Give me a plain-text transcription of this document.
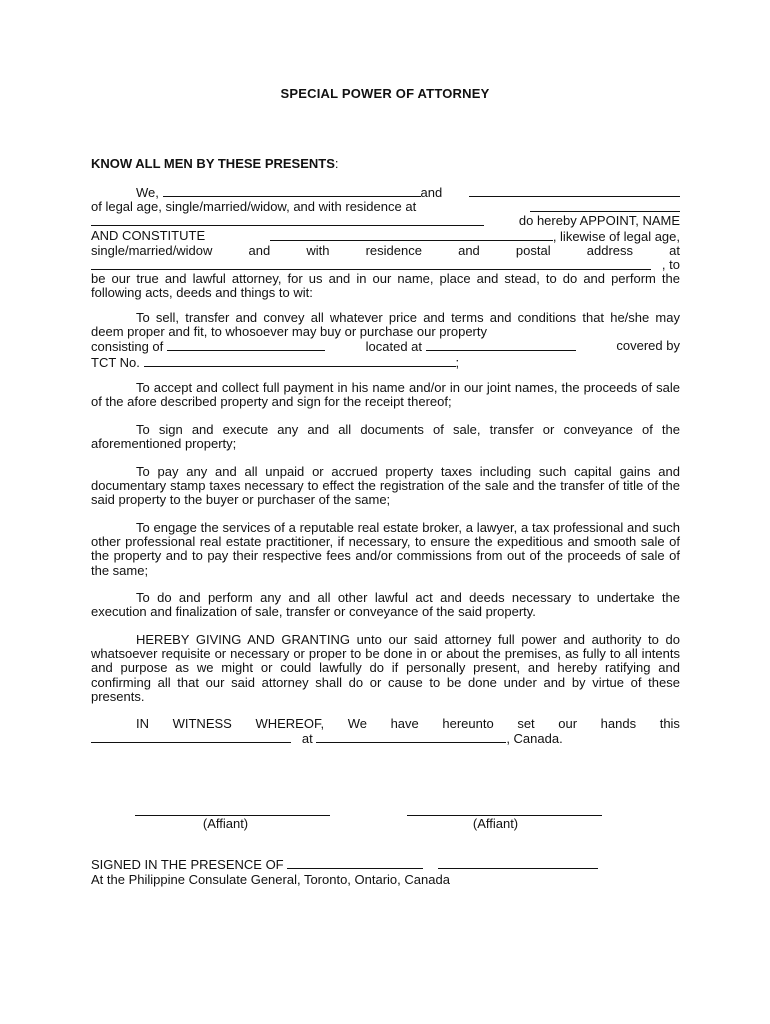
SPECIAL POWER OF ATTORNEY
KNOW ALL MEN BY THESE PRESENTS:
We,	and
of legal age, single/married/widow, and with residence at
do hereby APPOINT, NAME
AND CONSTITUTE	, likewise of legal age,
single/married/widow	and	with	residence	and	postal	address	at
, to

be our true and lawful attorney, for us and in our name, place and stead, to do and perform the following acts, deeds and things to wit:

To sell, transfer and convey all whatever price and terms and conditions that he/she may deem proper and fit, to whosoever may buy or purchase our property

consisting of	located at	covered by
TCT No.	;

To accept and collect full payment in his name and/or in our joint names, the proceeds of sale of the afore described property and sign for the receipt thereof;

To sign and execute any and all documents of sale, transfer or conveyance of the aforementioned property;

To pay any and all unpaid or accrued property taxes including such capital gains and documentary stamp taxes necessary to effect the registration of the sale and the transfer of title of the said property to the buyer or purchaser of the same;

To engage the services of a reputable real estate broker, a lawyer, a tax professional and such other professional real estate practitioner, if necessary, to ensure the expeditious and smooth sale of the property and to pay their respective fees and/or commissions from out of the proceeds of sale of the same;

To do and perform any and all other lawful act and deeds necessary to undertake the execution and finalization of sale, transfer or conveyance of the said property.

HEREBY GIVING AND GRANTING unto our said attorney full power and authority to do whatsoever requisite or necessary or proper to be done in or about the premises, as fully to all intents and purpose as we might or could lawfully do if personally present, and hereby ratifying and confirming all that our said attorney shall do or cause to be done under and by virtue of these presents.

IN WITNESS WHEREOF, We have hereunto set our hands this
at	, Canada.
(Affiant)	(Affiant)
SIGNED IN THE PRESENCE OF
At the Philippine Consulate General, Toronto, Ontario, Canada
